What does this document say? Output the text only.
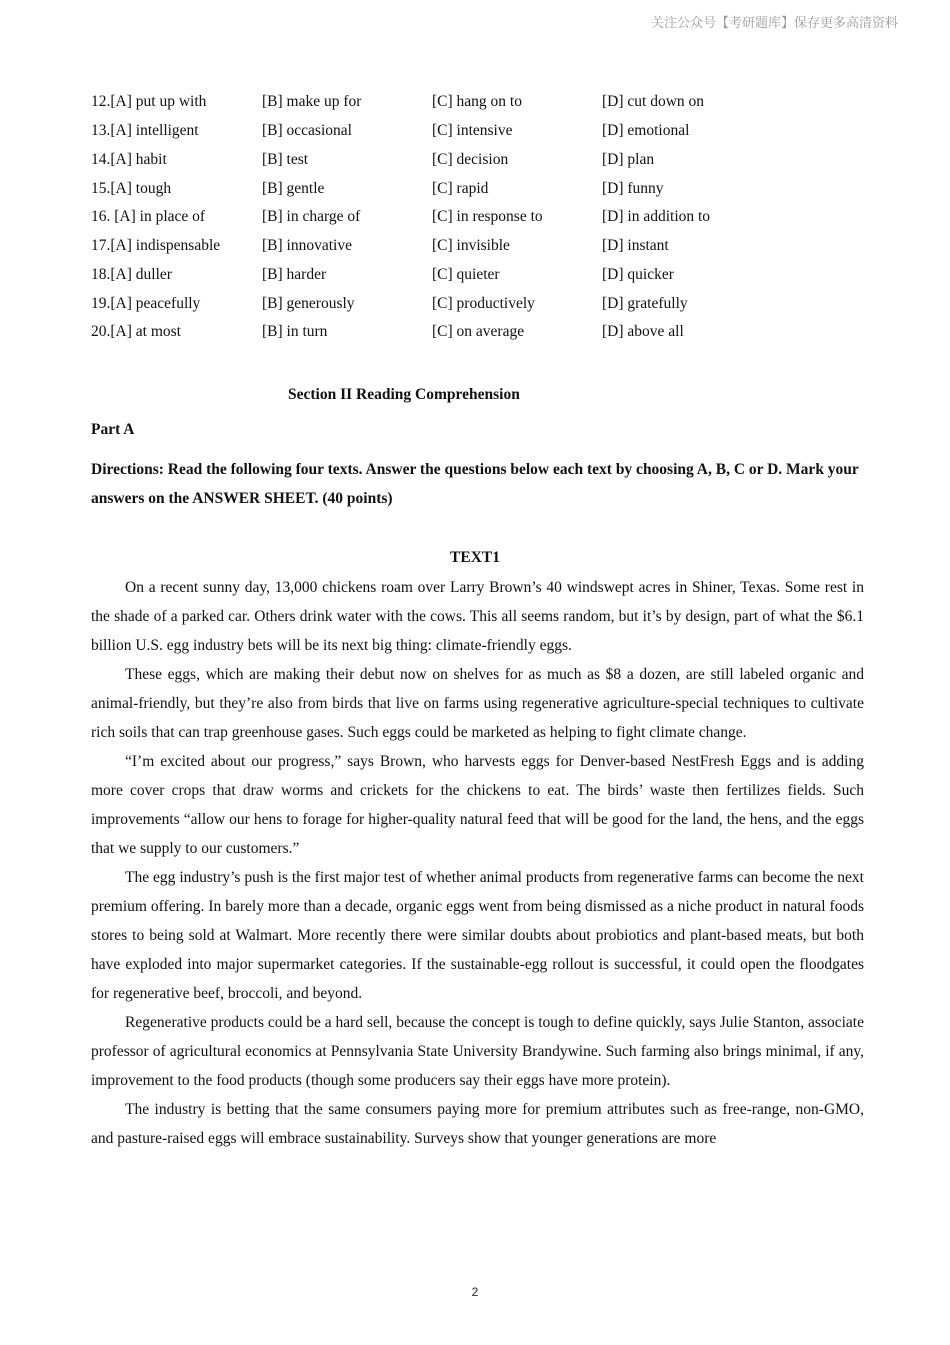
关注公众号【考研题库】保存更多高清资料
12.[A] put up with	[B] make up for	[C] hang on to	[D] cut down on
13.[A] intelligent	[B] occasional	[C] intensive	[D] emotional
14.[A] habit	[B] test	[C] decision	[D] plan
15.[A] tough	[B] gentle	[C] rapid	[D] funny
16. [A] in place of	[B] in charge of	[C] in response to	[D] in addition to
17.[A] indispensable	[B] innovative	[C] invisible	[D] instant
18.[A] duller	[B] harder	[C] quieter	[D] quicker
19.[A] peacefully	[B] generously	[C] productively	[D] gratefully
20.[A] at most	[B] in turn	[C] on average	[D] above all
Section II Reading Comprehension
Part A
Directions: Read the following four texts. Answer the questions below each text by choosing A, B, C or D. Mark your answers on the ANSWER SHEET. (40 points)
TEXT1

On a recent sunny day, 13,000 chickens roam over Larry Brown’s 40 windswept acres in Shiner, Texas. Some rest in the shade of a parked car. Others drink water with the cows. This all seems random, but it’s by design, part of what the $6.1 billion U.S. egg industry bets will be its next big thing: climate-friendly eggs.

These eggs, which are making their debut now on shelves for as much as $8 a dozen, are still labeled organic and animal-friendly, but they’re also from birds that live on farms using regenerative agriculture-special techniques to cultivate rich soils that can trap greenhouse gases. Such eggs could be marketed as helping to fight climate change.

“I’m excited about our progress,” says Brown, who harvests eggs for Denver-based NestFresh Eggs and is adding more cover crops that draw worms and crickets for the chickens to eat. The birds’ waste then fertilizes fields. Such improvements “allow our hens to forage for higher-quality natural feed that will be good for the land, the hens, and the eggs that we supply to our customers.”

The egg industry’s push is the first major test of whether animal products from regenerative farms can become the next premium offering. In barely more than a decade, organic eggs went from being dismissed as a niche product in natural foods stores to being sold at Walmart. More recently there were similar doubts about probiotics and plant-based meats, but both have exploded into major supermarket categories. If the sustainable-egg rollout is successful, it could open the floodgates for regenerative beef, broccoli, and beyond.

Regenerative products could be a hard sell, because the concept is tough to define quickly, says Julie Stanton, associate professor of agricultural economics at Pennsylvania State University Brandywine. Such farming also brings minimal, if any, improvement to the food products (though some producers say their eggs have more protein).

The industry is betting that the same consumers paying more for premium attributes such as free-range, non-GMO, and pasture-raised eggs will embrace sustainability. Surveys show that younger generations are more

2
